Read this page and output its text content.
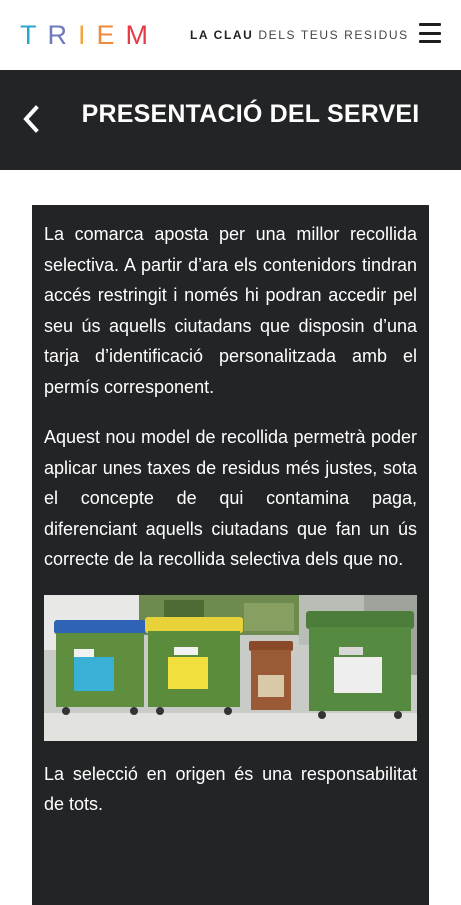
T R I E M	LA CLAU DELS TEUS RESIDUS
PRESENTACIÓ DEL SERVEI

La comarca aposta per una millor recollida selectiva. A partir d’ara els contenidors tindran accés restringit i només hi podran accedir pel seu ús aquells ciutadans que disposin d’una tarja d’identificació personalitzada amb el permís corresponent.

Aquest nou model de recollida permetrà poder aplicar unes taxes de residus més justes, sota el concepte de qui contamina paga, diferenciant aquells ciutadans que fan un ús correcte de la recollida selectiva dels que no.

La selecció en origen és una responsabilitat de tots.
